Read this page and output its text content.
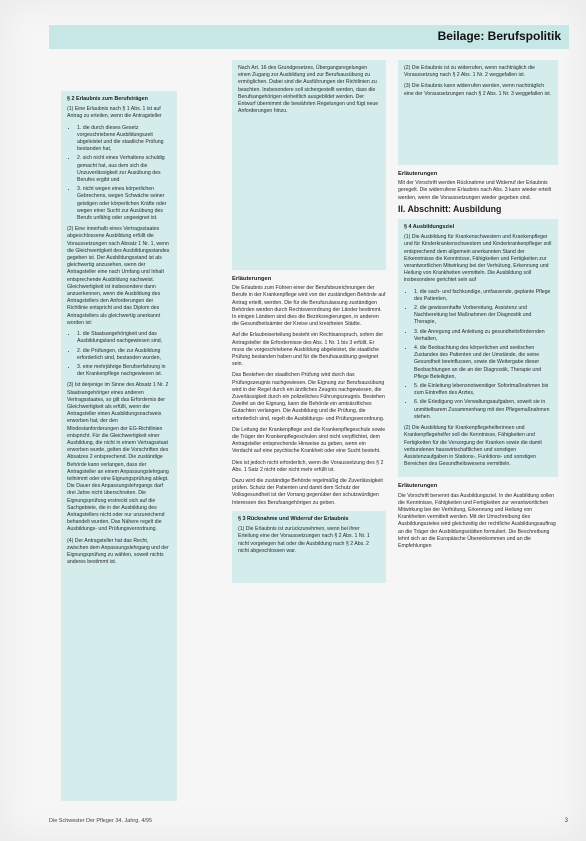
Beilage: Berufspolitik
§ 2 Erlaubnis zum Berufsträgen

(1) Eine Erlaubnis nach § 1 Abs. 1 ist auf Antrag zu erteilen, wenn die Antragsteller

• 1. die durch dieses Gesetz vorgeschriebene Ausbildungszeit abgeleistet und die staatliche Prüfung bestanden hat,
• 2. sich nicht eines Verhaltens schuldig gemacht hat, aus dem sich die Unzuverlässigkeit zur Ausübung des Berufes ergibt und
• 3. nicht wegen eines körperlichen Gebrechens, wegen Schwäche seiner geistigen oder körperlichen Kräfte oder wegen einer Sucht zur Ausübung des Berufs unfähig oder ungeeignet ist.

(2) Eine innerhalb eines Vertragsstaates abgeschlossene Ausbildung erfüllt die Voraussetzungen nach Absatz 1 Nr. 1, wenn die Gleichwertigkeit des Ausbildungsstandes gegeben ist. Der Ausbildungsstand ist als gleichwertig anzusehen, wenn der Antragsteller eine nach Umfang und Inhalt entsprechende Ausbildung nachweist. Gleichwertigkeit ist insbesondere dann anzuerkennen, wenn die Ausbildung des Antragstellers den Anforderungen der Richtlinie entspricht und das Diplom des Antragstellers als gleichwertig anerkannt worden ist:

• 1. die Staatsangehörigkeit und das Ausbildungsland nachgewiesen sind,
• 2. die Prüfungen, die zur Ausbildung erforderlich sind, bestanden wurden,
• 3. eine mehrjährige Berufserfahrung in der Krankenpflege nachgewiesen ist.

(3) Ist derjenige im Sinne des Absatz 1 Nr. 2 Staatsangehöriger eines anderen Vertragsstaates, so gilt das Erfordernis der Gleichwertigkeit als erfüllt, wenn der Antragsteller einen Ausbildungsnachweis erworben hat, der den Mindestanforderungen der EG-Richtlinien entspricht. Für die Gleichwertigkeit einer Ausbildung, die nicht in einem Vertragsstaat erworben wurde, gelten die Vorschriften des Absatzes 2 entsprechend. Die zuständige Behörde kann verlangen, dass der Antragsteller an einem Anpassungslehrgang teilnimmt oder eine Eignungsprüfung ablegt. Die Dauer des Anpassungslehrgangs darf drei Jahre nicht überschreiten. Die Eignungsprüfung erstreckt sich auf die Sachgebiete, die in der Ausbildung des Antragstellers nicht oder nur unzureichend behandelt wurden. Das Nähere regelt die Ausbildungs- und Prüfungsverordnung.

(4) Der Antragsteller hat das Recht, zwischen dem Anpassungslehrgang und der Eignungsprüfung zu wählen, soweit nichts anderes bestimmt ist.

Nach Art. 16 des Grundgesetzes, Übergangsregelungen einen Zugang zur Ausbildung und zur Berufsausübung zu ermöglichen. Dabei sind die Ausführungen der Richtlinien zu beachten. Insbesondere soll sichergestellt werden, dass die Berufsangehörigen einheitlich ausgebildet werden. Der Entwurf übernimmt die bewährten Regelungen und fügt neue Anforderungen hinzu.

Erläuterungen

Die Erlaubnis zum Führen einer der Berufsbezeichnungen der Berufe in der Krankenpflege wird von der zuständigen Behörde auf Antrag erteilt, werden. Die für die Berufszulassung zuständigen Behörden werden durch Rechtsverordnung der Länder bestimmt. In einigen Ländern sind dies die Bezirksregierungen, in anderen die Gesundheitsämter der Kreise und kreisfreien Städte.

Auf die Erlaubniserteilung besteht ein Rechtsanspruch, sofern der Antragsteller die Erfordernisse des Abs. 1 Nr. 1 bis 3 erfüllt. Er muss die vorgeschriebene Ausbildung abgeleistet, die staatliche Prüfung bestanden haben und für die Berufsausübung geeignet sein.

Das Bestehen der staatlichen Prüfung wird durch das Prüfungszeugnis nachgewiesen. Die Eignung zur Berufsausübung wird in der Regel durch ein ärztliches Zeugnis nachgewiesen, die Zuverlässigkeit durch ein polizeiliches Führungszeugnis. Bestehen Zweifel an der Eignung, kann die Behörde ein amtsärztliches Gutachten verlangen. Die Ausbildung und die Prüfung, die erforderlich sind, regelt die Ausbildungs- und Prüfungsverordnung.

Die Leitung der Krankenpflege und die Krankenpflegeschule sowie die Träger der Krankenpflegeschulen sind nicht verpflichtet, dem Antragsteller entsprechende Hinweise zu geben, wenn ein Verdacht auf eine psychische Krankheit oder eine Sucht besteht.

Dies ist jedoch nicht erforderlich, wenn die Voraussetzung des § 2 Abs. 1 Satz 2 nicht oder nicht mehr erfüllt ist.

Dazu wird die zuständige Behörde regelmäßig die Zuverlässigkeit prüfen. Schutz der Patienten und damit dem Schutz der Volksgesundheit ist der Vorrang gegenüber den schutzwürdigen Interessen des Berufsangehörigen zu geben.

§ 3 Rücknahme und Widerruf der Erlaubnis

(1) Die Erlaubnis ist zurückzunehmen, wenn bei ihrer Erteilung eine der Voraussetzungen nach § 2 Abs. 1 Nr. 1 nicht vorgelegen hat oder die Ausbildung nach § 2 Abs. 2 nicht abgeschlossen war.

(2) Die Erlaubnis ist zu widerrufen, wenn nachträglich die Voraussetzung nach § 2 Abs. 1 Nr. 2 weggefallen ist.

(3) Die Erlaubnis kann widerrufen werden, wenn nachträglich eine der Voraussetzungen nach § 2 Abs. 1 Nr. 3 weggefallen ist.

Erläuterungen

Mit der Vorschrift werden Rücknahme und Widerruf der Erlaubnis geregelt. Die widerrufene Erlaubnis nach Abs. 3 kann wieder erteilt werden, wenn die Voraussetzungen wieder gegeben sind.

II. Abschnitt: Ausbildung
§ 4 Ausbildungsziel

(1) Die Ausbildung für Krankenschwestern und Krankenpfleger und für Kinderkrankenschwestern und Kinderkrankenpfleger soll entsprechend dem allgemein anerkannten Stand der Erkenntnisse die Kenntnisse, Fähigkeiten und Fertigkeiten zur verantwortlichen Mitwirkung bei der Verhütung, Erkennung und Heilung von Krankheiten vermitteln. Die Ausbildung soll insbesondere gerichtet sein auf

• 1. die sach- und fachkundige, umfassende, geplante Pflege des Patienten,
• 2. die gewissenhafte Vorbereitung, Assistenz und Nachbereitung bei Maßnahmen der Diagnostik und Therapie,
• 3. die Anregung und Anleitung zu gesundheitsfördernden Verhalten,
• 4. die Beobachtung des körperlichen und seelischen Zustandes des Patienten und der Umstände, die seine Gesundheit beeinflussen, sowie die Weitergabe dieser Beobachtungen an die an der Diagnostik, Therapie und Pflege Beteiligten,
• 5. die Einleitung lebensnotwendiger Sofortmaßnahmen bis zum Eintreffen des Arztes,
• 6. die Erledigung von Verwaltungsaufgaben, soweit sie in unmittelbarem Zusammenhang mit den Pflegemaßnahmen stehen.

(2) Die Ausbildung für Krankenpflegehelferinnen und Krankenpflegehelfer soll die Kenntnisse, Fähigkeiten und Fertigkeiten für die Versorgung der Kranken sowie die damit verbundenen hauswirtschaftlichen und sonstigen Assistenzaufgaben in Stations-, Funktions- und sonstigen Bereichen des Gesundheitswesens vermitteln.

Erläuterungen

Die Vorschrift benennt das Ausbildungsziel. In der Ausbildung sollen die Kenntnisse, Fähigkeiten und Fertigkeiten zur verantwortlichen Mitwirkung bei der Verhütung, Erkennung und Heilung von Krankheiten vermittelt werden. Mit der Umschreibung des Ausbildungszieles wird gleichzeitig der rechtliche Ausbildungsauftrag an die Träger der Ausbildungsstätten formuliert. Die Beschreibung lehnt sich an die Europäische Übereinkommen und an die Empfehlungen

Die Schwester Der Pfleger 34. Jahrg. 4/95	3
